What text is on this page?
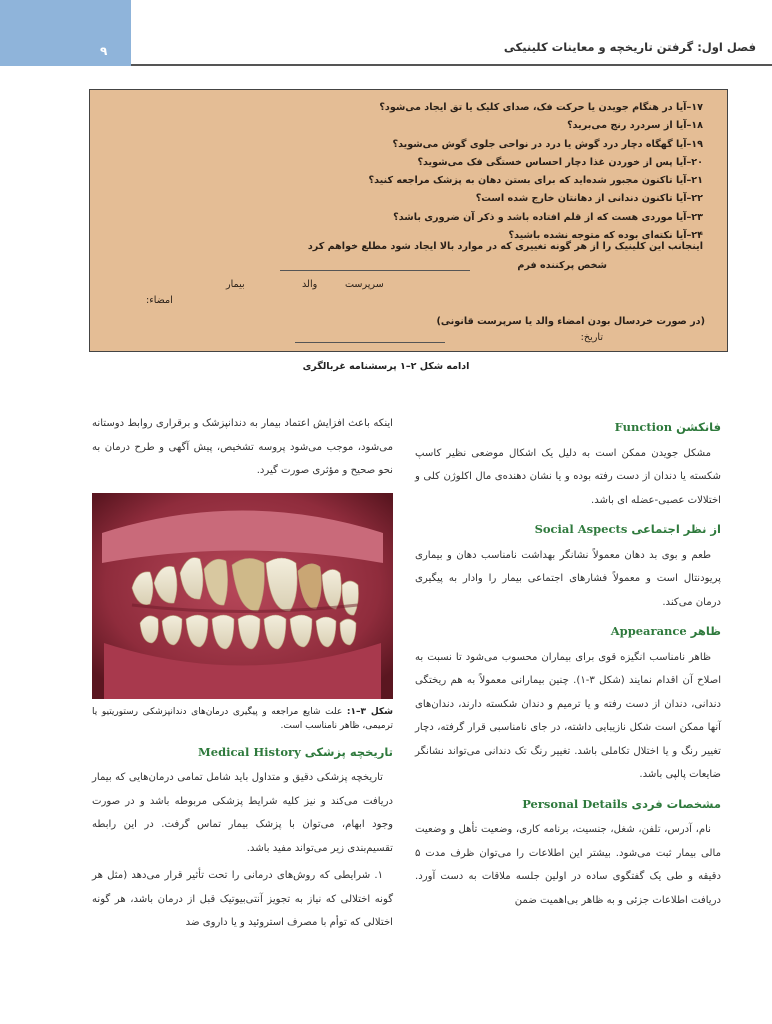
۹	فصل اول: گرفتن تاریخچه و معاینات کلینیکی
۱۷–آیا در هنگام جویدن یا حرکت فک، صدای کلیک یا تق ایجاد می‌شود؟
۱۸–آیا از سردرد رنج می‌برید؟
۱۹–آیا گهگاه دچار درد گوش یا درد در نواحی جلوی گوش می‌شوید؟
۲۰–آیا پس از خوردن غذا دچار احساس خستگی فک می‌شوید؟
۲۱–آیا تاکنون مجبور شده‌اید که برای بستن دهان به پزشک مراجعه کنید؟
۲۲–آیا تاکنون دندانی از دهانتان خارج شده است؟
۲۳–آیا موردی هست که از قلم افتاده باشد و ذکر آن ضروری باشد؟
۲۴–آیا نکته‌ای بوده که متوجه نشده باشید؟
اینجانب این کلینیک را از هر گونه تغییری که در موارد بالا ایجاد شود مطلع خواهم کرد
شخص پرکننده فرم
بیمار	والد	سرپرست
امضاء:
(در صورت خردسال بودن امضاء والد یا سرپرست قانونی)
تاریخ:
ادامه شکل ۲–۱ پرسشنامه غربالگری
فانکشن Function

مشکل جویدن ممکن است به دلیل یک اشکال موضعی نظیر کاسپ شکسته یا دندان از دست رفته بوده و یا نشان دهنده‌ی مال اکلوژن کلی و اختلالات عصبی-عضله ای باشد.

از نظر اجتماعی Social Aspects

طعم و بوی بد دهان معمولاً نشانگر بهداشت نامناسب دهان و بیماری پریودنتال است و معمولاً فشارهای اجتماعی بیمار را وادار به پیگیری درمان می‌کند.

ظاهر Appearance

ظاهر نامناسب انگیزه قوی برای بیماران محسوب می‌شود تا نسبت به اصلاح آن اقدام نمایند (شکل ۳-۱). چنین بیمارانی معمولاً به هم ریختگی دندانی، دندان از دست رفته و یا ترمیم و دندان شکسته دارند، دندان‌های آنها ممکن است شکل نازیبایی داشته، در جای نامناسبی قرار گرفته، دچار تغییر رنگ و یا اختلال تکاملی باشد. تغییر رنگ تک دندانی می‌تواند نشانگر ضایعات پالپی باشد.

مشخصات فردی Personal Details

نام، آدرس، تلفن، شغل، جنسیت، برنامه کاری، وضعیت تأهل و وضعیت مالی بیمار ثبت می‌شود. بیشتر این اطلاعات را می‌توان ظرف مدت ۵ دقیقه و طی یک گفتگوی ساده در اولین جلسه ملاقات به دست آورد. دریافت اطلاعات جزئی و به ظاهر بی‌اهمیت ضمن

اینکه باعث افزایش اعتماد بیمار به دندانپزشک و برقراری روابط دوستانه می‌شود، موجب می‌شود پروسه تشخیص، پیش آگهی و طرح درمان به نحو صحیح و مؤثری صورت گیرد.

شکل ۳–۱: علت شایع مراجعه و پیگیری درمان‌های دندانپزشکی رستوریتیو یا ترمیمی، ظاهر نامناسب است.
تاریخچه پزشکی Medical History

تاریخچه پزشکی دقیق و متداول باید شامل تمامی درمان‌هایی که بیمار دریافت می‌کند و نیز کلیه شرایط پزشکی مربوطه باشد و در صورت وجود ابهام، می‌توان با پزشک بیمار تماس گرفت. در این رابطه تقسیم‌بندی زیر می‌تواند مفید باشد.

۱. شرایطی که روش‌های درمانی را تحت تأثیر قرار می‌دهد (مثل هر گونه اختلالی که نیاز به تجویز آنتی‌بیوتیک قبل از درمان باشد، هر گونه اختلالی که توأم با مصرف استروئید و یا داروی ضد
